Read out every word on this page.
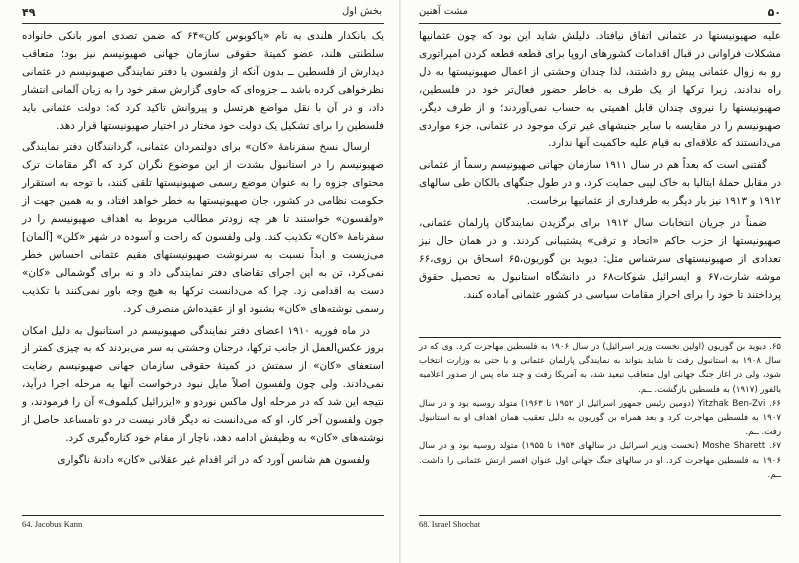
۴۹	بخش اول

یک بانکدار هلندی به نام «یاکوبوس کان»۶۴ که ضمن تصدی امور بانکی خانواده سلطنتی هلند، عضو کمیتهٔ حقوقی سازمان جهانی صهیونیسم نیز بود؛ متعاقب دیدارش از فلسطین ــ بدون آنکه از ولفسون یا دفتر نمایندگی صهیونیسم در عثمانی نظرخواهی کرده باشد ــ جزوه‌ای که حاوی گزارش سفر خود را به زبان آلمانی انتشار داد، و در آن با نقل مواضع هرتسل و پیروانش تاکید کرد که: دولت عثمانی باید فلسطین را برای تشکیل یک دولت خود مختار در اختیار صهیونیستها قرار دهد.

ارسال نسخ سفرنامهٔ «کان» برای دولتمردان عثمانی، گردانندگان دفتر نمایندگی صهیونیسم را در استانبول بشدت از این موضوع نگران کرد که اگر مقامات ترک محتوای جزوه را به عنوان موضع رسمی صهیونیستها تلقی کنند، با توجه به استقرار حکومت نظامی در کشور، جان صهیونیستها به خطر خواهد افتاد، و به همین جهت از «ولفسون» خواستند تا هر چه زودتر مطالب مربوط به اهداف صهیونیسم را در سفرنامهٔ «کان» تکذیب کند. ولی ولفسون که راحت و آسوده در شهر «کلن» [آلمان] می‌زیست و ابداً نسبت به سرنوشت صهیونیستهای مقیم عثمانی احساس خطر نمی‌کرد، تن به این اجرای تقاضای دفتر نمایندگی داد و نه برای گوشمالی «کان» دست به اقدامی زد. چرا که می‌دانست ترکها به هیچ وجه باور نمی‌کنند با تکذیب رسمی نوشته‌های «کان» بشنود او از عقیده‌اش منصرف کرد.

در ماه فوریه ۱۹۱۰ اعضای دفتر نمایندگی صهیونیسم در استانبول به دلیل امکان بروز عکس‌العمل از جانب ترکها، درجنان وحشتی به سر می‌بردند که به چیزی کمتر از استعفای «کان» از سمتش در کمیتهٔ حقوقی سازمان جهانی صهیونیسم رضایت نمی‌دادند. ولی چون ولفسون اصلاً مایل نبود درخواست آنها به مرحله اجرا درآید، نتیجه این شد که در مرحله اول ماکس نوردو و «ایزرائیل کیلموف» آن را فرمودند، و جون ولفسون آخر کار، او که می‌دانست نه دیگر قادر نیست در دو تامساعد حاصل از نوشته‌های «کان» به وظیفش ادامه دهد، ناچار از مقام خود کناره‌گیری کرد.

ولفسون هم شانس آورد که در اثر اقدام غیر عقلانی «کان» دادنهٔ ناگواری

64. Jacobus Kann
مشت آهنین	۵۰

علیه صهیونیستها در عثمانی اتفاق نیافتاد. دلیلش شاید این بود که چون عثمانیها مشکلات فراوانی در قبال اقدامات کشورهای اروپا برای قطعه قطعه کردن امپراتوری رو به زوال عثمانی پیش رو داشتند، لذا چندان وحشتی از اعمال صهیونیستها به دل راه ندادند. زیرا ترکها از یک طرف به خاطر حضور فعال‌تر خود در فلسطین، صهیونیستها را نیروی چندان قابل اهمیتی به حساب نمی‌آوردند؛ و از طرف دیگر، صهیونیسم را در مقایسه با سایر جنبشهای غیر ترک موجود در عثمانی، جزء مواردی می‌دانستند که علاقه‌ای به قیام علیه حاکمیت آنها ندارد.

گفتنی است که بعداً هم در سال ۱۹۱۱ سازمان جهانی صهیونیسم رسماً از عثمانی در مقابل حملهٔ ایتالیا به خاک لیبی حمایت کرد، و در طول جنگهای بالکان طی سالهای ۱۹۱۲ و ۱۹۱۳ نیز بار دیگر به طرفداری از عثمانیها برخاست.

ضمناً در جریان انتخابات سال ۱۹۱۲ برای برگزیدن نمایندگان پارلمان عثمانی، صهیونیستها از حزب حاکم «اتحاد و ترقی» پشتیبانی کردند. و در همان حال نیز تعدادی از صهیونیستهای سرشناس مثل: دیوید بن گوریون،۶۵ اسحاق بن زوی،۶۶ موشه شارت،۶۷ و ایسرائیل شوکات۶۸ در دانشگاه استانبول به تحصیل حقوق پرداختند تا خود را برای احراز مقامات سیاسی در کشور عثمانی آماده کنند.

۶۵. دیوید بن گوریون (اولین نخست وزیر اسرائیل) در سال ۱۹۰۶ به فلسطین مهاجرت کرد. وی که در سال ۱۹۰۸ به استانبول رفت تا شاید بتواند به نمایندگی پارلمان عثمانی و یا حتی به وزارت انتخاب شود، ولی در اغاز جنگ جهانی اول متعاقب تبعید شد، به آمریکا رفت و چند ماه پس از صدور اعلامیه بالفور (۱۹۱۷) به فلسطین بازگشت. ــم.

۶۶. Yitzhak Ben-Zvi (دومین رئیس جمهور اسرائیل از ۱۹۵۲ تا ۱۹۶۳) متولد روسیه بود و در سال ۱۹۰۷ به فلسطین مهاجرت کرد و بعد همراه بن گوریون به دلیل تعقیب همان اهداف او به استانبول رفت. ــم.

۶۷. Moshe Sharett (نخست وزیر اسرائیل در سالهای ۱۹۵۴ تا ۱۹۵۵) متولد روسیه بود و در سال ۱۹۰۶ به فلسطین مهاجرت کرد. او در سالهای جنگ جهانی اول عنوان افسر ارتش عثمانی را داشت. ــم.

68. Israel Shochat
